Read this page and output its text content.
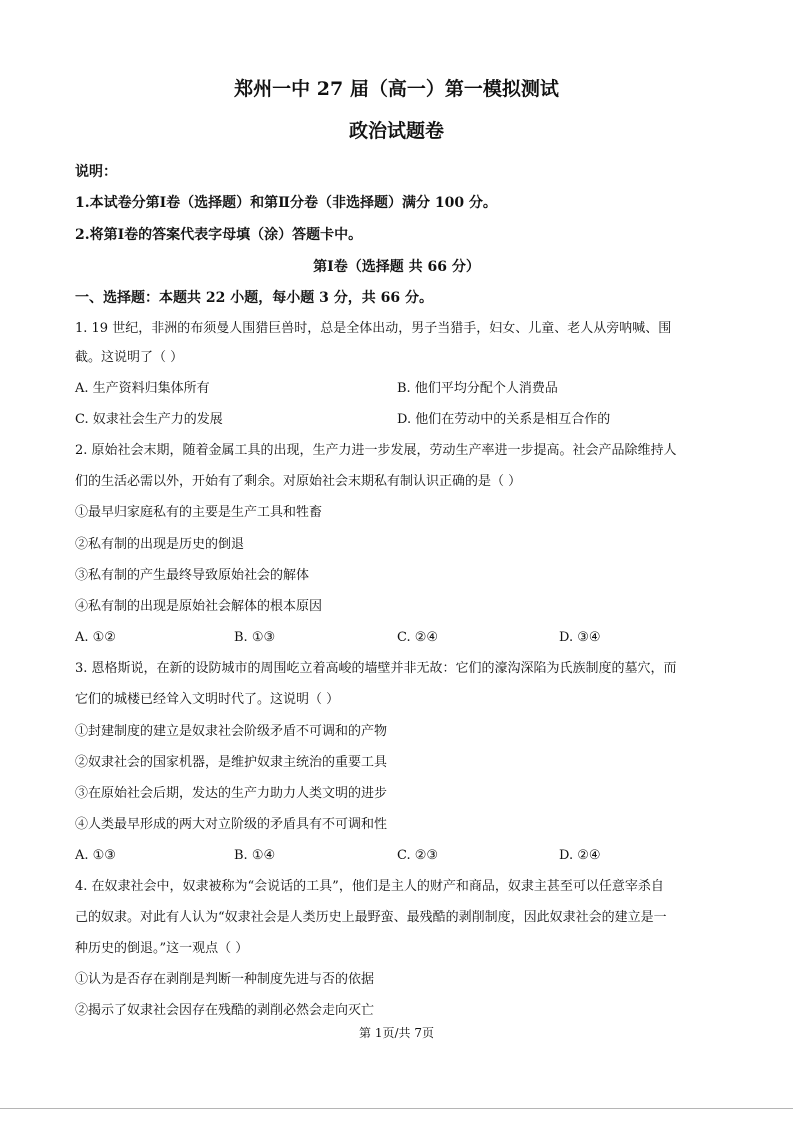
郑州一中 27 届（高一）第一模拟测试
政治试题卷
说明：
1.本试卷分第Ⅰ卷（选择题）和第Ⅱ分卷（非选择题）满分 100 分。
2.将第Ⅰ卷的答案代表字母填（涂）答题卡中。
第Ⅰ卷（选择题 共 66 分）
一、选择题：本题共 22 小题，每小题 3 分，共 66 分。
1. 19 世纪，非洲的布须曼人围猎巨兽时，总是全体出动，男子当猎手，妇女、儿童、老人从旁呐喊、围
截。这说明了（ ）
A. 生产资料归集体所有	B. 他们平均分配个人消费品
C. 奴隶社会生产力的发展	D. 他们在劳动中的关系是相互合作的
2. 原始社会末期，随着金属工具的出现，生产力进一步发展，劳动生产率进一步提高。社会产品除维持人
们的生活必需以外，开始有了剩余。对原始社会末期私有制认识正确的是（ ）
①最早归家庭私有的主要是生产工具和牲畜
②私有制的出现是历史的倒退
③私有制的产生最终导致原始社会的解体
④私有制的出现是原始社会解体的根本原因
A. ①②	B. ①③	C. ②④	D. ③④
3. 恩格斯说，在新的设防城市的周围屹立着高峻的墙壁并非无故：它们的濠沟深陷为氏族制度的墓穴，而
它们的城楼已经耸入文明时代了。这说明（ ）
①封建制度的建立是奴隶社会阶级矛盾不可调和的产物
②奴隶社会的国家机器，是维护奴隶主统治的重要工具
③在原始社会后期，发达的生产力助力人类文明的进步
④人类最早形成的两大对立阶级的矛盾具有不可调和性
A. ①③	B. ①④	C. ②③	D. ②④
4. 在奴隶社会中，奴隶被称为“会说话的工具”，他们是主人的财产和商品，奴隶主甚至可以任意宰杀自
己的奴隶。对此有人认为“奴隶社会是人类历史上最野蛮、最残酷的剥削制度，因此奴隶社会的建立是一
种历史的倒退。”这一观点（ ）
①认为是否存在剥削是判断一种制度先进与否的依据
②揭示了奴隶社会因存在残酷的剥削必然会走向灭亡
第 1页/共 7页
